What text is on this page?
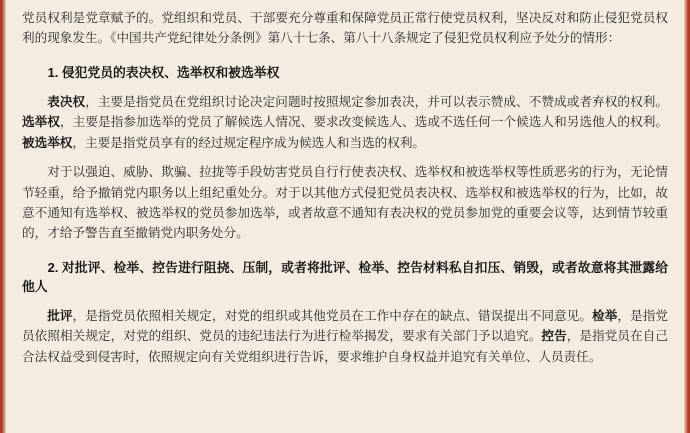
党员权利是党章赋予的。党组织和党员、干部要充分尊重和保障党员正常行使党员权利，坚决反对和防止侵犯党员权利的现象发生。《中国共产党纪律处分条例》第八十七条、第八十八条规定了侵犯党员权利应予处分的情形：

1. 侵犯党员的表决权、选举权和被选举权

表决权，主要是指党员在党组织讨论决定问题时按照规定参加表决，并可以表示赞成、不赞成或者弃权的权利。选举权，主要是指参加选举的党员了解候选人情况、要求改变候选人、选或不选任何一个候选人和另选他人的权利。被选举权，主要是指党员享有的经过规定程序成为候选人和当选的权利。

对于以强迫、威胁、欺骗、拉拢等手段妨害党员自行行使表决权、选举权和被选举权等性质恶劣的行为，无论情节轻重，给予撤销党内职务以上组纪重处分。对于以其他方式侵犯党员表决权、选举权和被选举权的行为，比如，故意不通知有选举权、被选举权的党员参加选举，或者故意不通知有表决权的党员参加党的重要会议等，达到情节较重的，才给予警告直至撤销党内职务处分。

2. 对批评、检举、控告进行阻挠、压制，或者将批评、检举、控告材料私自扣压、销毁，或者故意将其泄露给他人

批评，是指党员依照相关规定，对党的组织或其他党员在工作中存在的缺点、错误提出不同意见。检举，是指党员依照相关规定，对党的组织、党员的违纪违法行为进行检举揭发，要求有关部门予以追究。控告，是指党员在自己合法权益受到侵害时，依照规定向有关党组织进行告诉，要求维护自身权益并追究有关单位、人员责任。
